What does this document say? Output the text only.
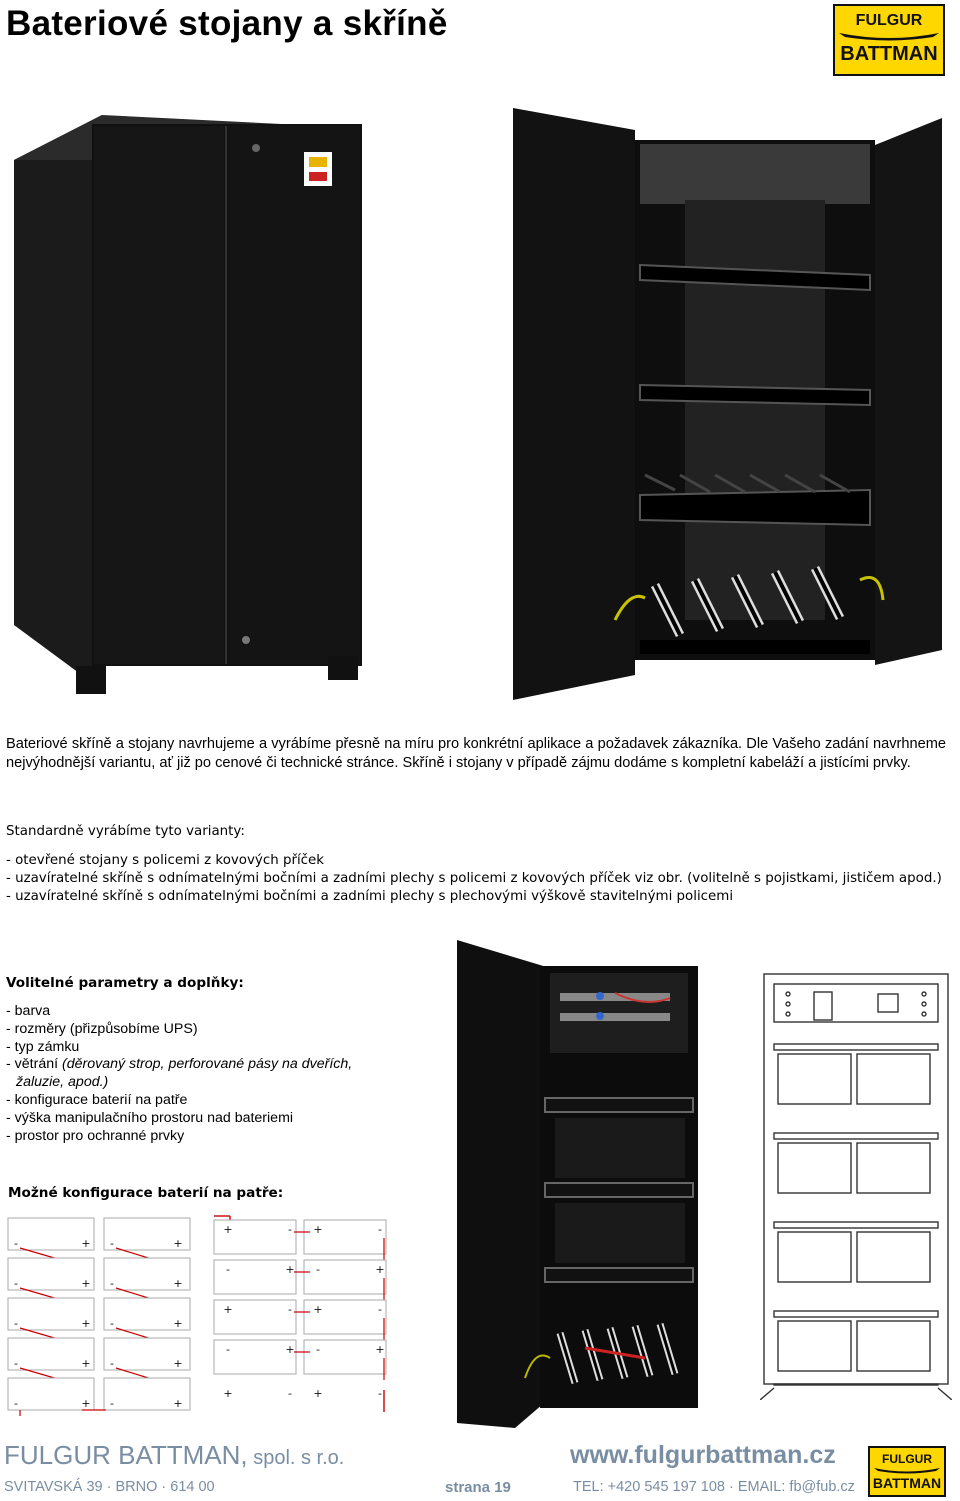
Bateriové stojany a skříně	FULGUR
BATTMAN
Bateriové skříně a stojany navrhujeme a vyrábíme přesně na míru pro konkrétní aplikace a požadavek zákazníka. Dle Vašeho zadání navrhneme nejvýhodnější variantu, ať již po cenové či technické stránce. Skříně i stojany v případě zájmu dodáme s kompletní kabeláží a jistícími prvky.
Standardně vyrábíme tyto varianty:
- otevřené stojany s policemi z kovových příček
- uzavíratelné skříně s odnímatelnými bočními a zadními plechy s policemi z kovových příček viz obr. (volitelně s pojistkami, jističem apod.)
- uzavíratelné skříně s odnímatelnými bočními a zadními plechy s plechovými výškově stavitelnými policemi
Volitelné parametry a doplňky:
- barva
- rozměry (přizpůsobíme UPS)
- typ zámku
- větrání (děrovaný strop, perforované pásy na dveřích,
žaluzie, apod.)
- konfigurace baterií na patře
- výška manipulačního prostoru nad bateriemi
- prostor pro ochranné prvky
Možné konfigurace baterií na patře:
-	+ -	+
-	+ -	+
-	+ -	+
-	+ -	+
-	+ -	+
+	- +	-
-	+ -	+
+	- +	-
-	+ -	+
+	- +	-
FULGUR BATTMAN, spol. s r.o.
SVITAVSKÁ 39 · BRNO · 614 00	strana 19
www.fulgurbattman.cz
TEL: +420 545 197 108 · EMAIL: fb@fub.cz
FULGUR
BATTMAN
